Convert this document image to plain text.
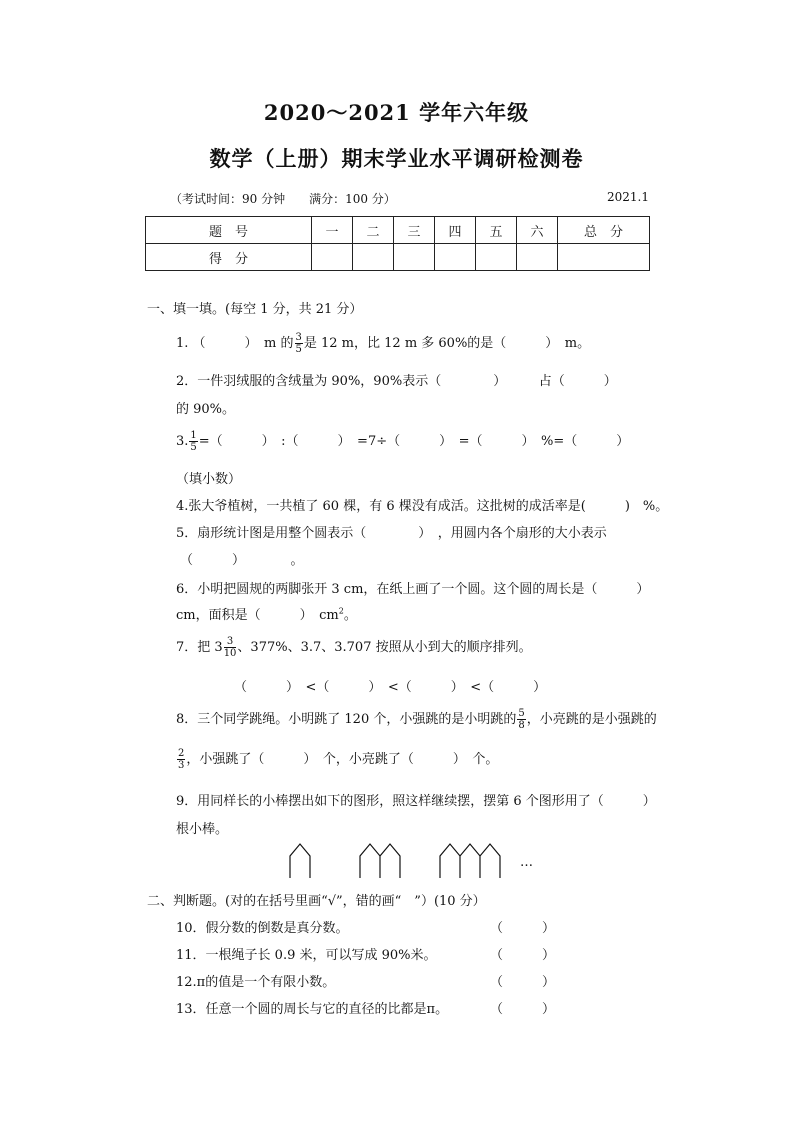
2020～2021 学年六年级
数学（上册）期末学业水平调研检测卷
（考试时间：90 分钟　　满分：100 分）	2021.1
题　号	一	二	三	四	五	六	总　分
得　分							
一、填一填。(每空 1 分，共 21 分）
1. （　　　）　m 的 $\frac{3}{5}$ 是 12 m，比 12 m 多 60%的是（　　　）　m。
2．一件羽绒服的含绒量为 90%，90%表示（　　　　）　　　占（　　　）
的 90%。
3. $\frac{1}{5}$ =（　　　）　:（　　　）　=7÷（　　　）　=（　　　）　%=（　　　）
（填小数）
4.张大爷植树，一共植了 60 棵，有 6 棵没有成活。这批树的成活率是(　　　)　%。
5．扇形统计图是用整个圆表示（　　　　）　，用圆内各个扇形的大小表示
（　　　）　　　　。
6．小明把圆规的两脚张开 3 cm，在纸上画了一个圆。这个圆的周长是（　　　）
cm，面积是（　　　）　$cm^2$。
7．把 $3 \frac{3}{10}$ 、377%、3.7、3.707 按照从小到大的顺序排列。
（　　　）　<（　　　）　<（　　　）　<（　　　）
8．三个同学跳绳。小明跳了 120 个，小强跳的是小明跳的 $\frac{5}{8}$ ，小亮跳的是小强跳的
$\frac{2}{3}$ ，小强跳了（　　　）　个，小亮跳了（　　　）　个。
9．用同样长的小棒摆出如下的图形，照这样继续摆，摆第 6 个图形用了（　　　）
根小棒。
…
二、判断题。(对的在括号里画“√”，错的画“　”）(10 分）
10．假分数的倒数是真分数。	（　　　）
11．一根绳子长 0.9 米，可以写成 90%米。	（　　　）
12.π的值是一个有限小数。	（　　　）
13．任意一个圆的周长与它的直径的比都是π。	（　　　）
